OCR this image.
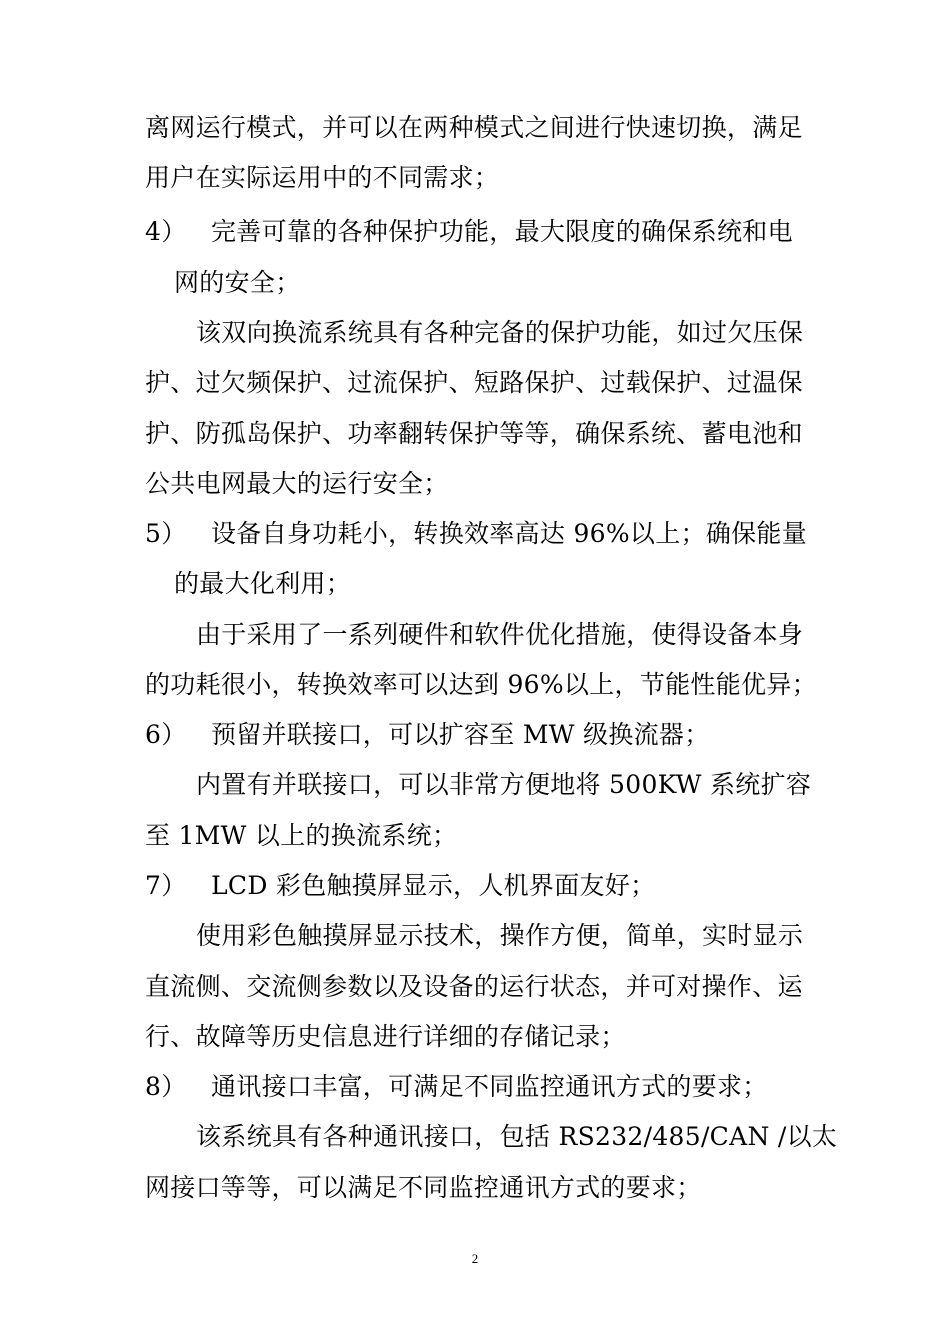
离网运行模式，并可以在两种模式之间进行快速切换，满足
用户在实际运用中的不同需求；
4） 完善可靠的各种保护功能，最大限度的确保系统和电
网的安全；
该双向换流系统具有各种完备的保护功能，如过欠压保
护、过欠频保护、过流保护、短路保护、过载保护、过温保
护、防孤岛保护、功率翻转保护等等，确保系统、蓄电池和
公共电网最大的运行安全；
5） 设备自身功耗小，转换效率高达 96%以上；确保能量
的最大化利用；
由于采用了一系列硬件和软件优化措施，使得设备本身
的功耗很小，转换效率可以达到 96%以上，节能性能优异；
6） 预留并联接口，可以扩容至 MW 级换流器；
内置有并联接口，可以非常方便地将 500KW 系统扩容
至 1MW 以上的换流系统；
7） LCD 彩色触摸屏显示，人机界面友好；
使用彩色触摸屏显示技术，操作方便，简单，实时显示
直流侧、交流侧参数以及设备的运行状态，并可对操作、运
行、故障等历史信息进行详细的存储记录；
8） 通讯接口丰富，可满足不同监控通讯方式的要求；
该系统具有各种通讯接口，包括 RS232/485/CAN /以太
网接口等等，可以满足不同监控通讯方式的要求；
2
